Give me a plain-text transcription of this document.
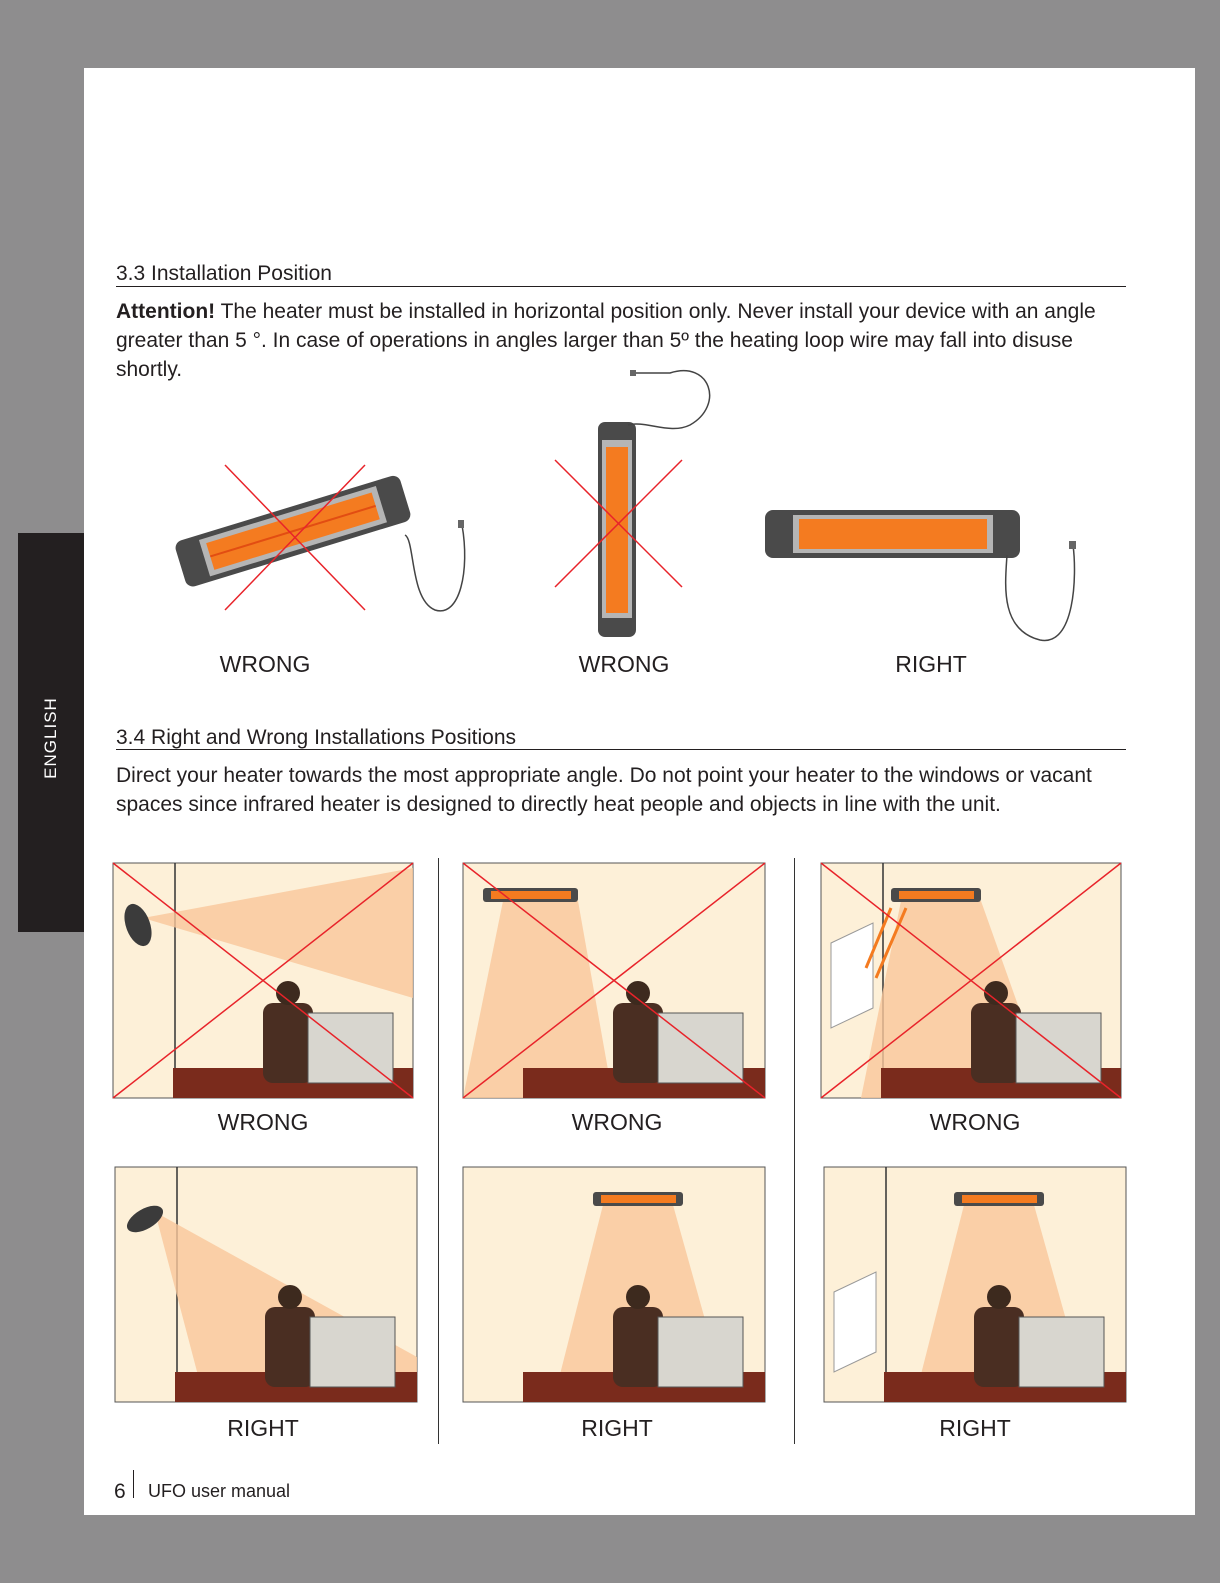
ENGLISH
3.3 Installation Position
Attention! The heater must be installed in horizontal position only. Never install your device with an angle greater than 5 °. In case of operations in angles larger than 5º the heating loop wire may fall into disuse shortly.
WRONG	WRONG	RIGHT
3.4 Right and Wrong Installations Positions
Direct your heater towards the most appropriate angle. Do not point your heater to the windows or vacant spaces since infrared heater is designed to directly heat people and objects in line with the unit.
WRONG	WRONG	WRONG
RIGHT	RIGHT	RIGHT
6 UFO user manual
